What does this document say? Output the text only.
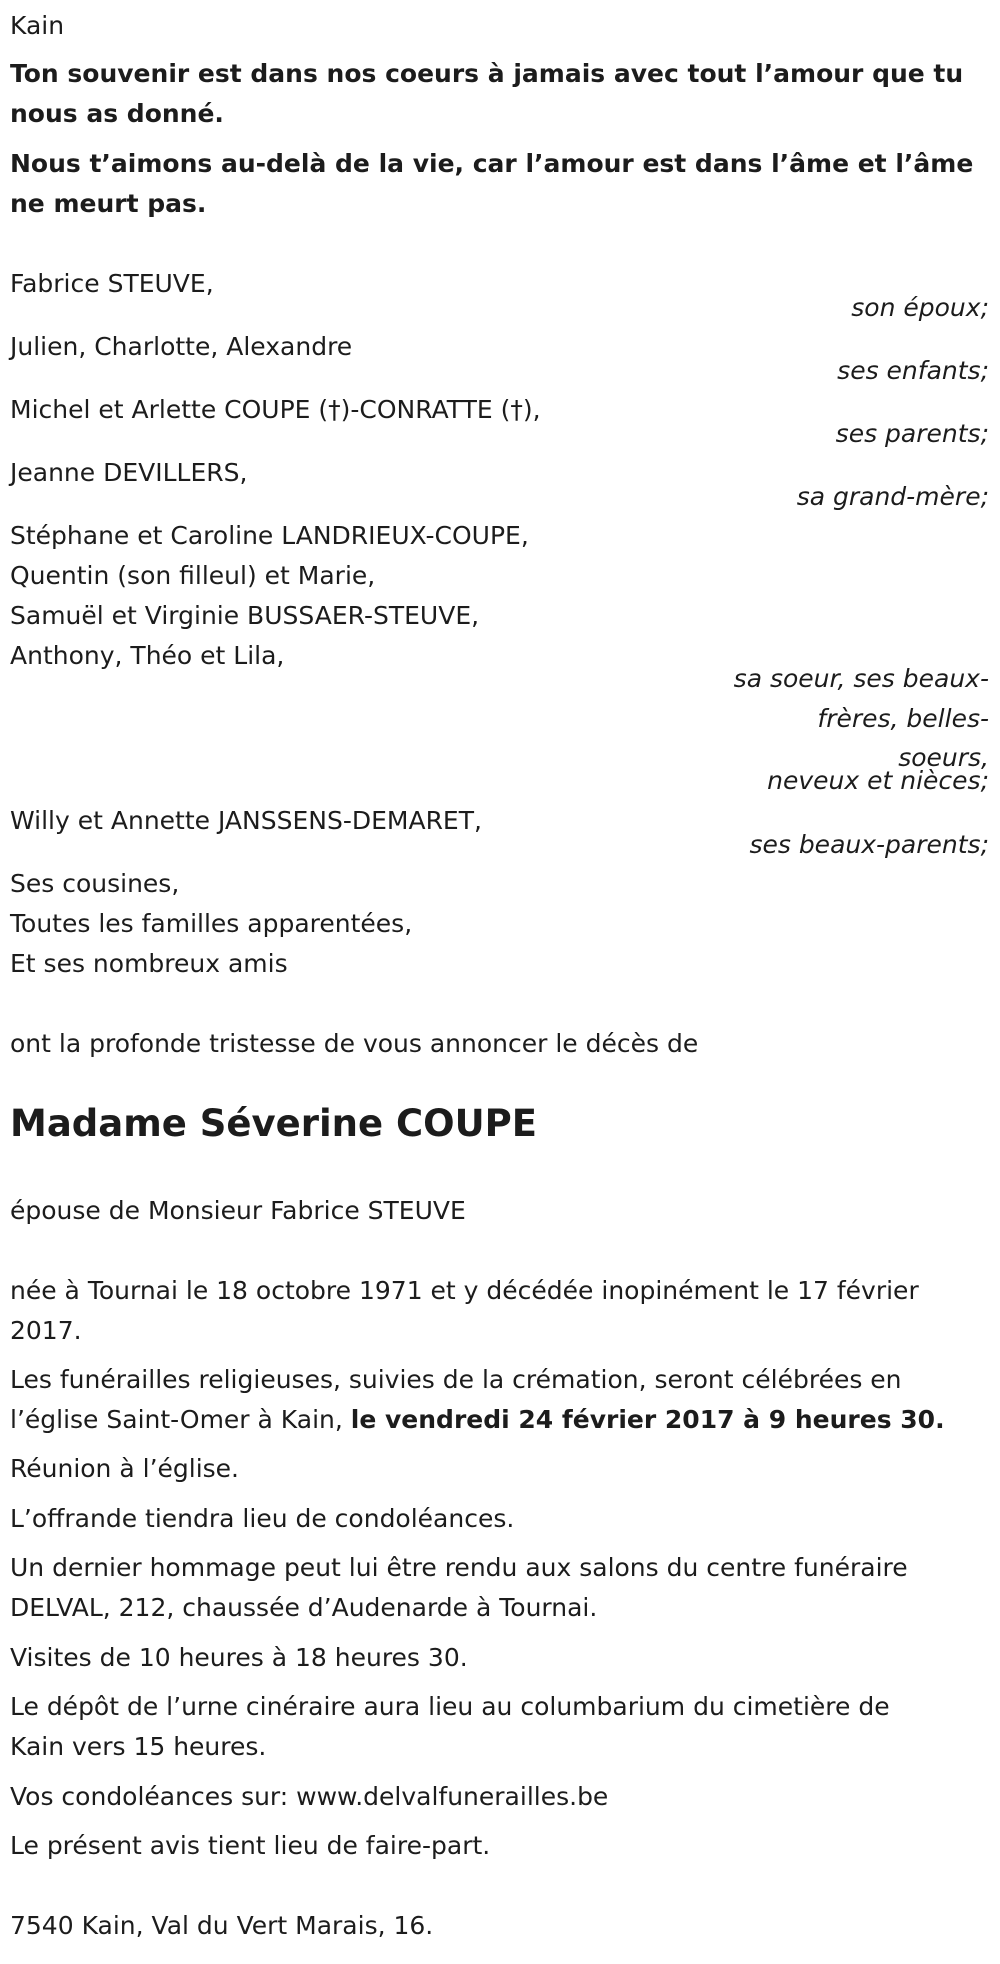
Kain
Ton souvenir est dans nos coeurs à jamais avec tout l’amour que tu
nous as donné.
Nous t’aimons au-delà de la vie, car l’amour est dans l’âme et l’âme
ne meurt pas.
Fabrice STEUVE,
son époux;
Julien, Charlotte, Alexandre
ses enfants;
Michel et Arlette COUPE (†)-CONRATTE (†),
ses parents;
Jeanne DEVILLERS,
sa grand-mère;
Stéphane et Caroline LANDRIEUX-COUPE,
Quentin (son filleul) et Marie,
Samuël et Virginie BUSSAER-STEUVE,
Anthony, Théo et Lila,
sa soeur, ses beaux-
frères, belles-
soeurs,
neveux et nièces;
Willy et Annette JANSSENS-DEMARET,
ses beaux-parents;
Ses cousines,
Toutes les familles apparentées,
Et ses nombreux amis
ont la profonde tristesse de vous annoncer le décès de
Madame Séverine COUPE
épouse de Monsieur Fabrice STEUVE
née à Tournai le 18 octobre 1971 et y décédée inopinément le 17 février
2017.
Les funérailles religieuses, suivies de la crémation, seront célébrées en
l’église Saint-Omer à Kain, le vendredi 24 février 2017 à 9 heures 30.
Réunion à l’église.
L’offrande tiendra lieu de condoléances.
Un dernier hommage peut lui être rendu aux salons du centre funéraire
DELVAL, 212, chaussée d’Audenarde à Tournai.
Visites de 10 heures à 18 heures 30.
Le dépôt de l’urne cinéraire aura lieu au columbarium du cimetière de
Kain vers 15 heures.
Vos condoléances sur: www.delvalfunerailles.be
Le présent avis tient lieu de faire-part.
7540 Kain, Val du Vert Marais, 16.
